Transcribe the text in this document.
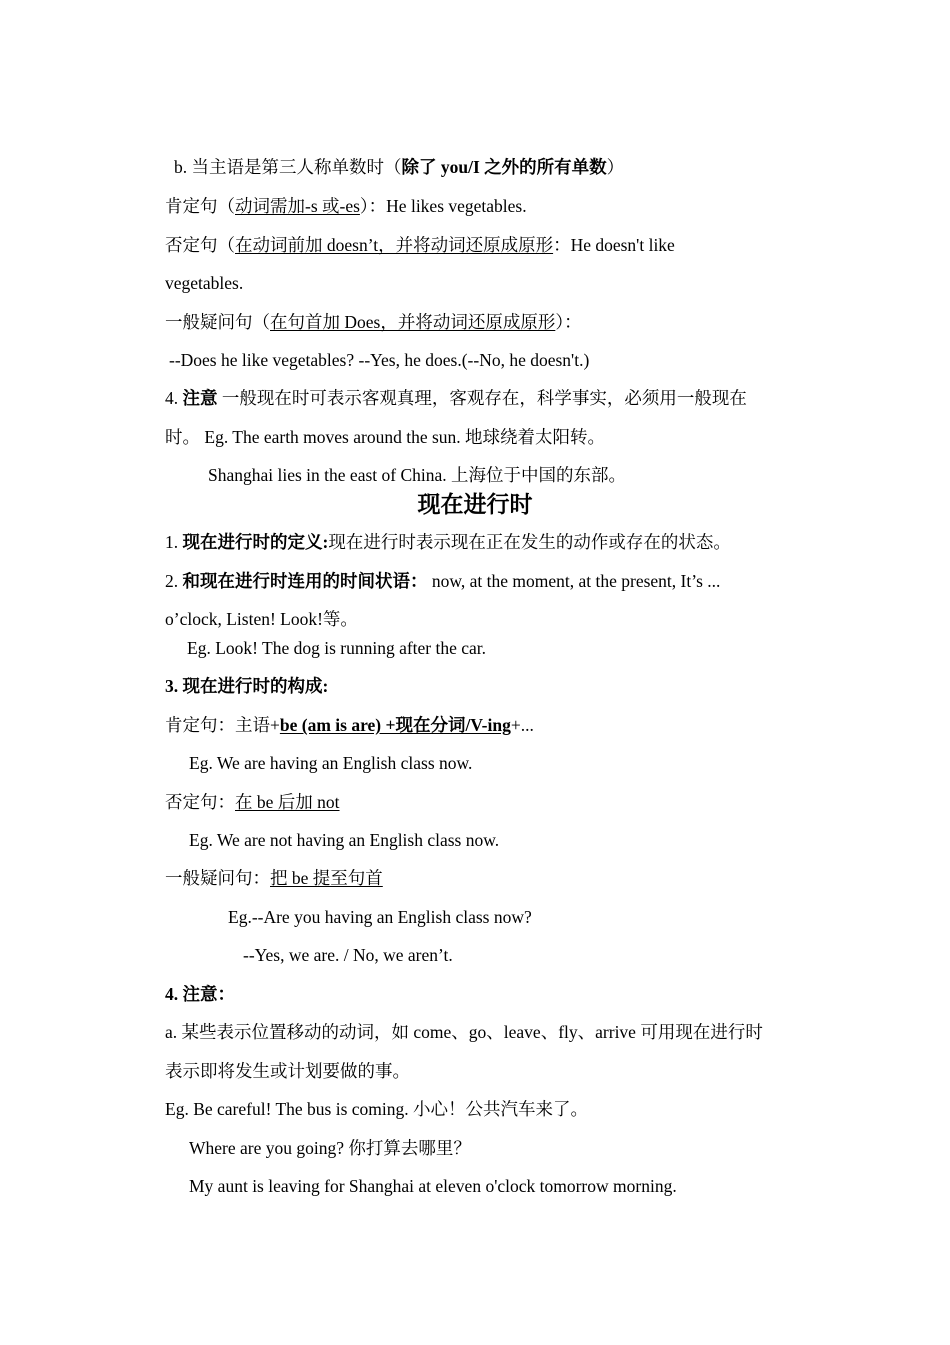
b. 当主语是第三人称单数时（除了 you/I 之外的所有单数）
肯定句（动词需加-s 或-es）：He likes vegetables.
否定句（在动词前加 doesn’t，并将动词还原成原形：He doesn't like
vegetables.
一般疑问句（在句首加 Does，并将动词还原成原形）：
--Does he like vegetables? --Yes, he does.(--No, he doesn't.)
4. 注意 一般现在时可表示客观真理，客观存在，科学事实，必须用一般现在
时。 Eg. The earth moves around the sun. 地球绕着太阳转。
Shanghai lies in the east of China. 上海位于中国的东部。
现在进行时
1. 现在进行时的定义:现在进行时表示现在正在发生的动作或存在的状态。
2. 和现在进行时连用的时间状语： now, at the moment, at the present, It’s ...
o’clock, Listen! Look!等。
Eg. Look! The dog is running after the car.
3. 现在进行时的构成:
肯定句：主语+be (am is are) +现在分词/V-ing+...
Eg. We are having an English class now.
否定句：在 be 后加 not
Eg. We are not having an English class now.
一般疑问句：把 be 提至句首
Eg.--Are you having an English class now?
--Yes, we are. / No, we aren’t.
4. 注意：
a. 某些表示位置移动的动词，如 come、go、leave、fly、arrive 可用现在进行时
表示即将发生或计划要做的事。
Eg. Be careful! The bus is coming. 小心！公共汽车来了。
Where are you going? 你打算去哪里？
My aunt is leaving for Shanghai at eleven o'clock tomorrow morning.
